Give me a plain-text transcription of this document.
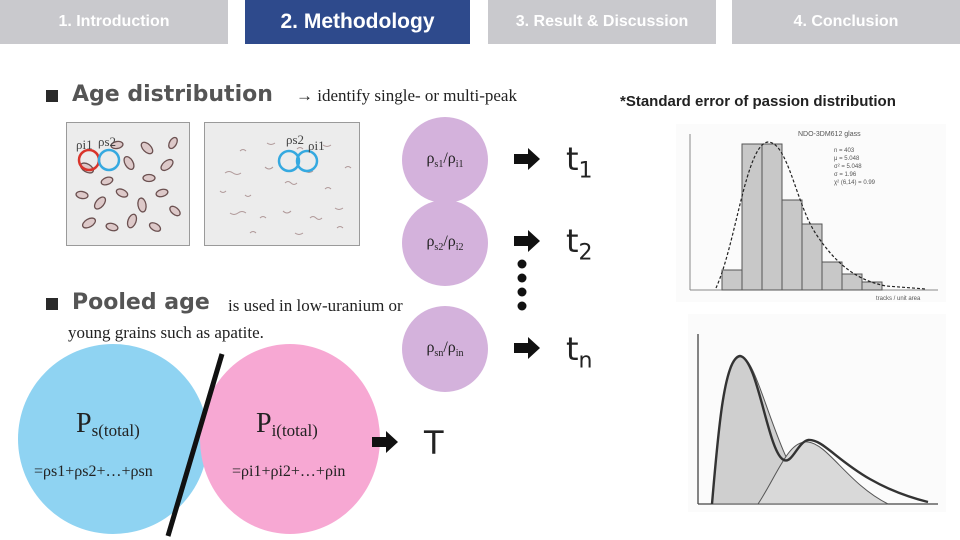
1. Introduction	2. Methodology	3. Result & Discussion	4. Conclusion
Age distribution → identify single- or multi-peak	*Standard error of passion distribution
ρi1 ρs2	ρs2 ρi1
$\rho_{s1}/\rho_{i1}$
$\rho_{s2}/\rho_{i2}$
$\rho_{sn}/\rho_{in}$
$t_1$
$t_2$
$t_n$
Pooled age is used in low-uranium or
young grains such as apatite.
$P_{s(total)}$
=ρs1+ρs2+…+ρsn
$P_{i(total)}$
=ρi1+ρi2+…+ρin
T
NDO-3DM612 glass
n = 403
μ = 5.048
σ² = 5.048
σ = 1.96
χ² (6,14) = 0.99
tracks / unit area
